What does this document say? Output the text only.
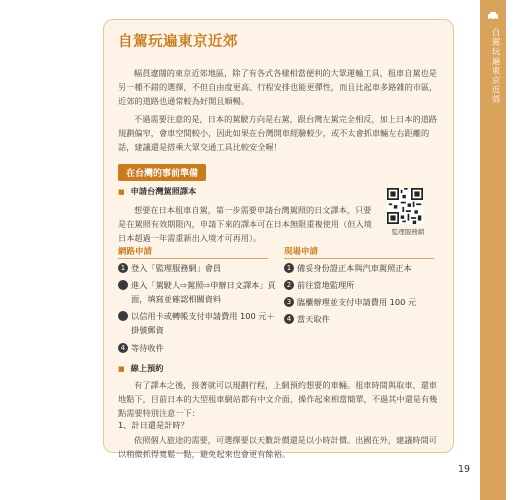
自駕玩遍東京近郊
自駕玩遍東京近郊

幅員遼闊的東京近郊地區，除了有各式各樣相當便利的大眾運輸工具，租車自駕也是另一種不錯的選擇，不但自由度更高、行程安排也能更彈性，而且比起車多路雜的市區，近郊的道路也通常較為好開且順暢。

不過需要注意的是，日本的駕駛方向是右駕，跟台灣左駕完全相反，加上日本的道路規劃偏窄，會車空間較小，因此如果在台灣開車經驗較少，或不太會抓車輛左右距離的話，建議還是搭乘大眾交通工具比較安全喔！

在台灣的事前準備
■ 申請台灣駕照譯本

想要在日本租車自駕，第一步需要申請台灣駕照的日文譯本，只要是在駕照有效期限內，申請下來的譯本可在日本無限重複使用（但入境日本超過一年需重新出入境才可再用）。

監理服務網
網路申請	現場申請
1 登入「監理服務網」會員
2 進入「駕駛人⇨駕照⇨申辦日文譯本」頁面，填寫並確認相關資料
3 以信用卡或轉帳支付申請費用 100 元＋掛號郵資
4 等待收件
1 備妥身份證正本與汽車駕照正本
2 前往當地監理所
3 臨櫃辦理並支付申請費用 100 元
4 當天取件
■ 線上預約

有了譯本之後，接著就可以規劃行程，上網預約想要的車輛。租車時間與取車、還車地點下，目前日本的大型租車網站都有中文介面，操作起來相當簡單，不過其中還是有幾點需要特別注意一下：

1、計日還是計時？

依照個人旅途的需要，可選擇要以天數計價還是以小時計價。出國在外，建議時間可以稍微抓得寬鬆一點，避免起來也會更有餘裕。

19
